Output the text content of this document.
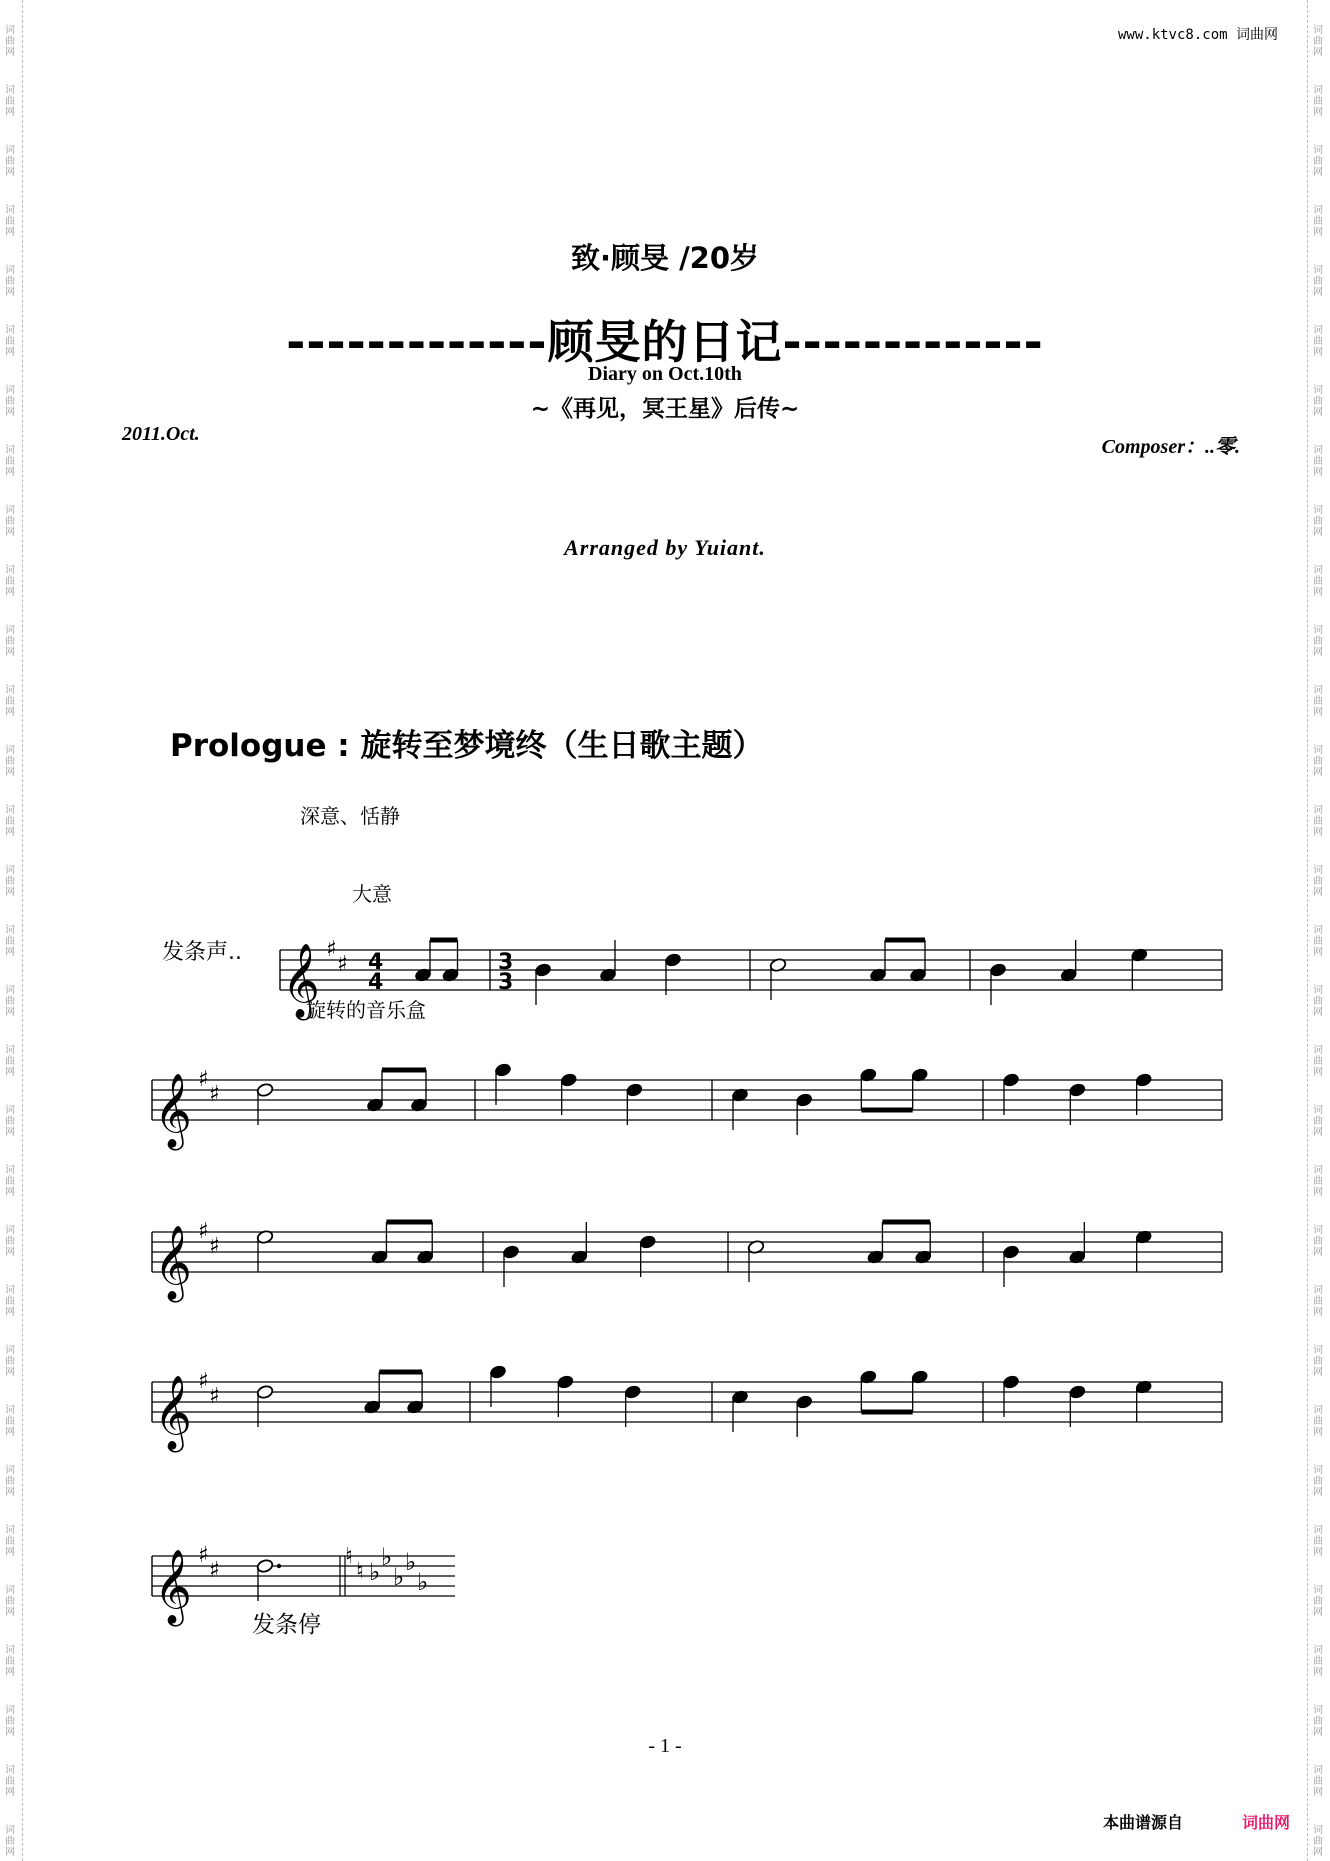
词
曲
网
词
曲
网
词
曲
网
词
曲
网
词
曲
网
词
曲
网
词
曲
网
词
曲
网
词
曲
网
词
曲
网
词
曲
网
词
曲
网
词
曲
网
词
曲
网
词
曲
网
词
曲
网
词
曲
网
词
曲
网
词
曲
网
词
曲
网
词
曲
网
词
曲
网
词
曲
网
词
曲
网
词
曲
网
词
曲
网
词
曲
网
词
曲
网
词
曲
网
词
曲
网
词
曲
网
词
曲
网
词
曲
网
词
曲
网
词
曲
网
词
曲
网
词
曲
网
词
曲
网
词
曲
网
词
曲
网
词
曲
网
词
曲
网
词
曲
网
词
曲
网
词
曲
网
词
曲
网
词
曲
网
词
曲
网
词
曲
网
词
曲
网
词
曲
网
词
曲
网
词
曲
网
词
曲
网
词
曲
网
词
曲
网
词
曲
网
词
曲
网
词
曲
网
词
曲
网
词
曲
网
词
曲
网
www.ktvc8.com 词曲网
致·顾旻 /20岁
-------------顾旻的日记-------------
Diary on Oct.10th
~《再见，冥王星》后传~
2011.Oct.
Composer：..零.
Arranged by Yuiant.
Prologue : 旋转至梦境终（生日歌主题）
深意、恬静
大意
发条声..
旋转的音乐盒
发条停
𝄞 ♯
♯ 4
4
3
3
𝄞 ♯
♯
𝄞 ♯
♯
𝄞 ♯
♯
𝄞 ♯
♯
♮
♮ ♭
♭
♭
♭
♭
- 1 -
本曲谱源自	词曲网
